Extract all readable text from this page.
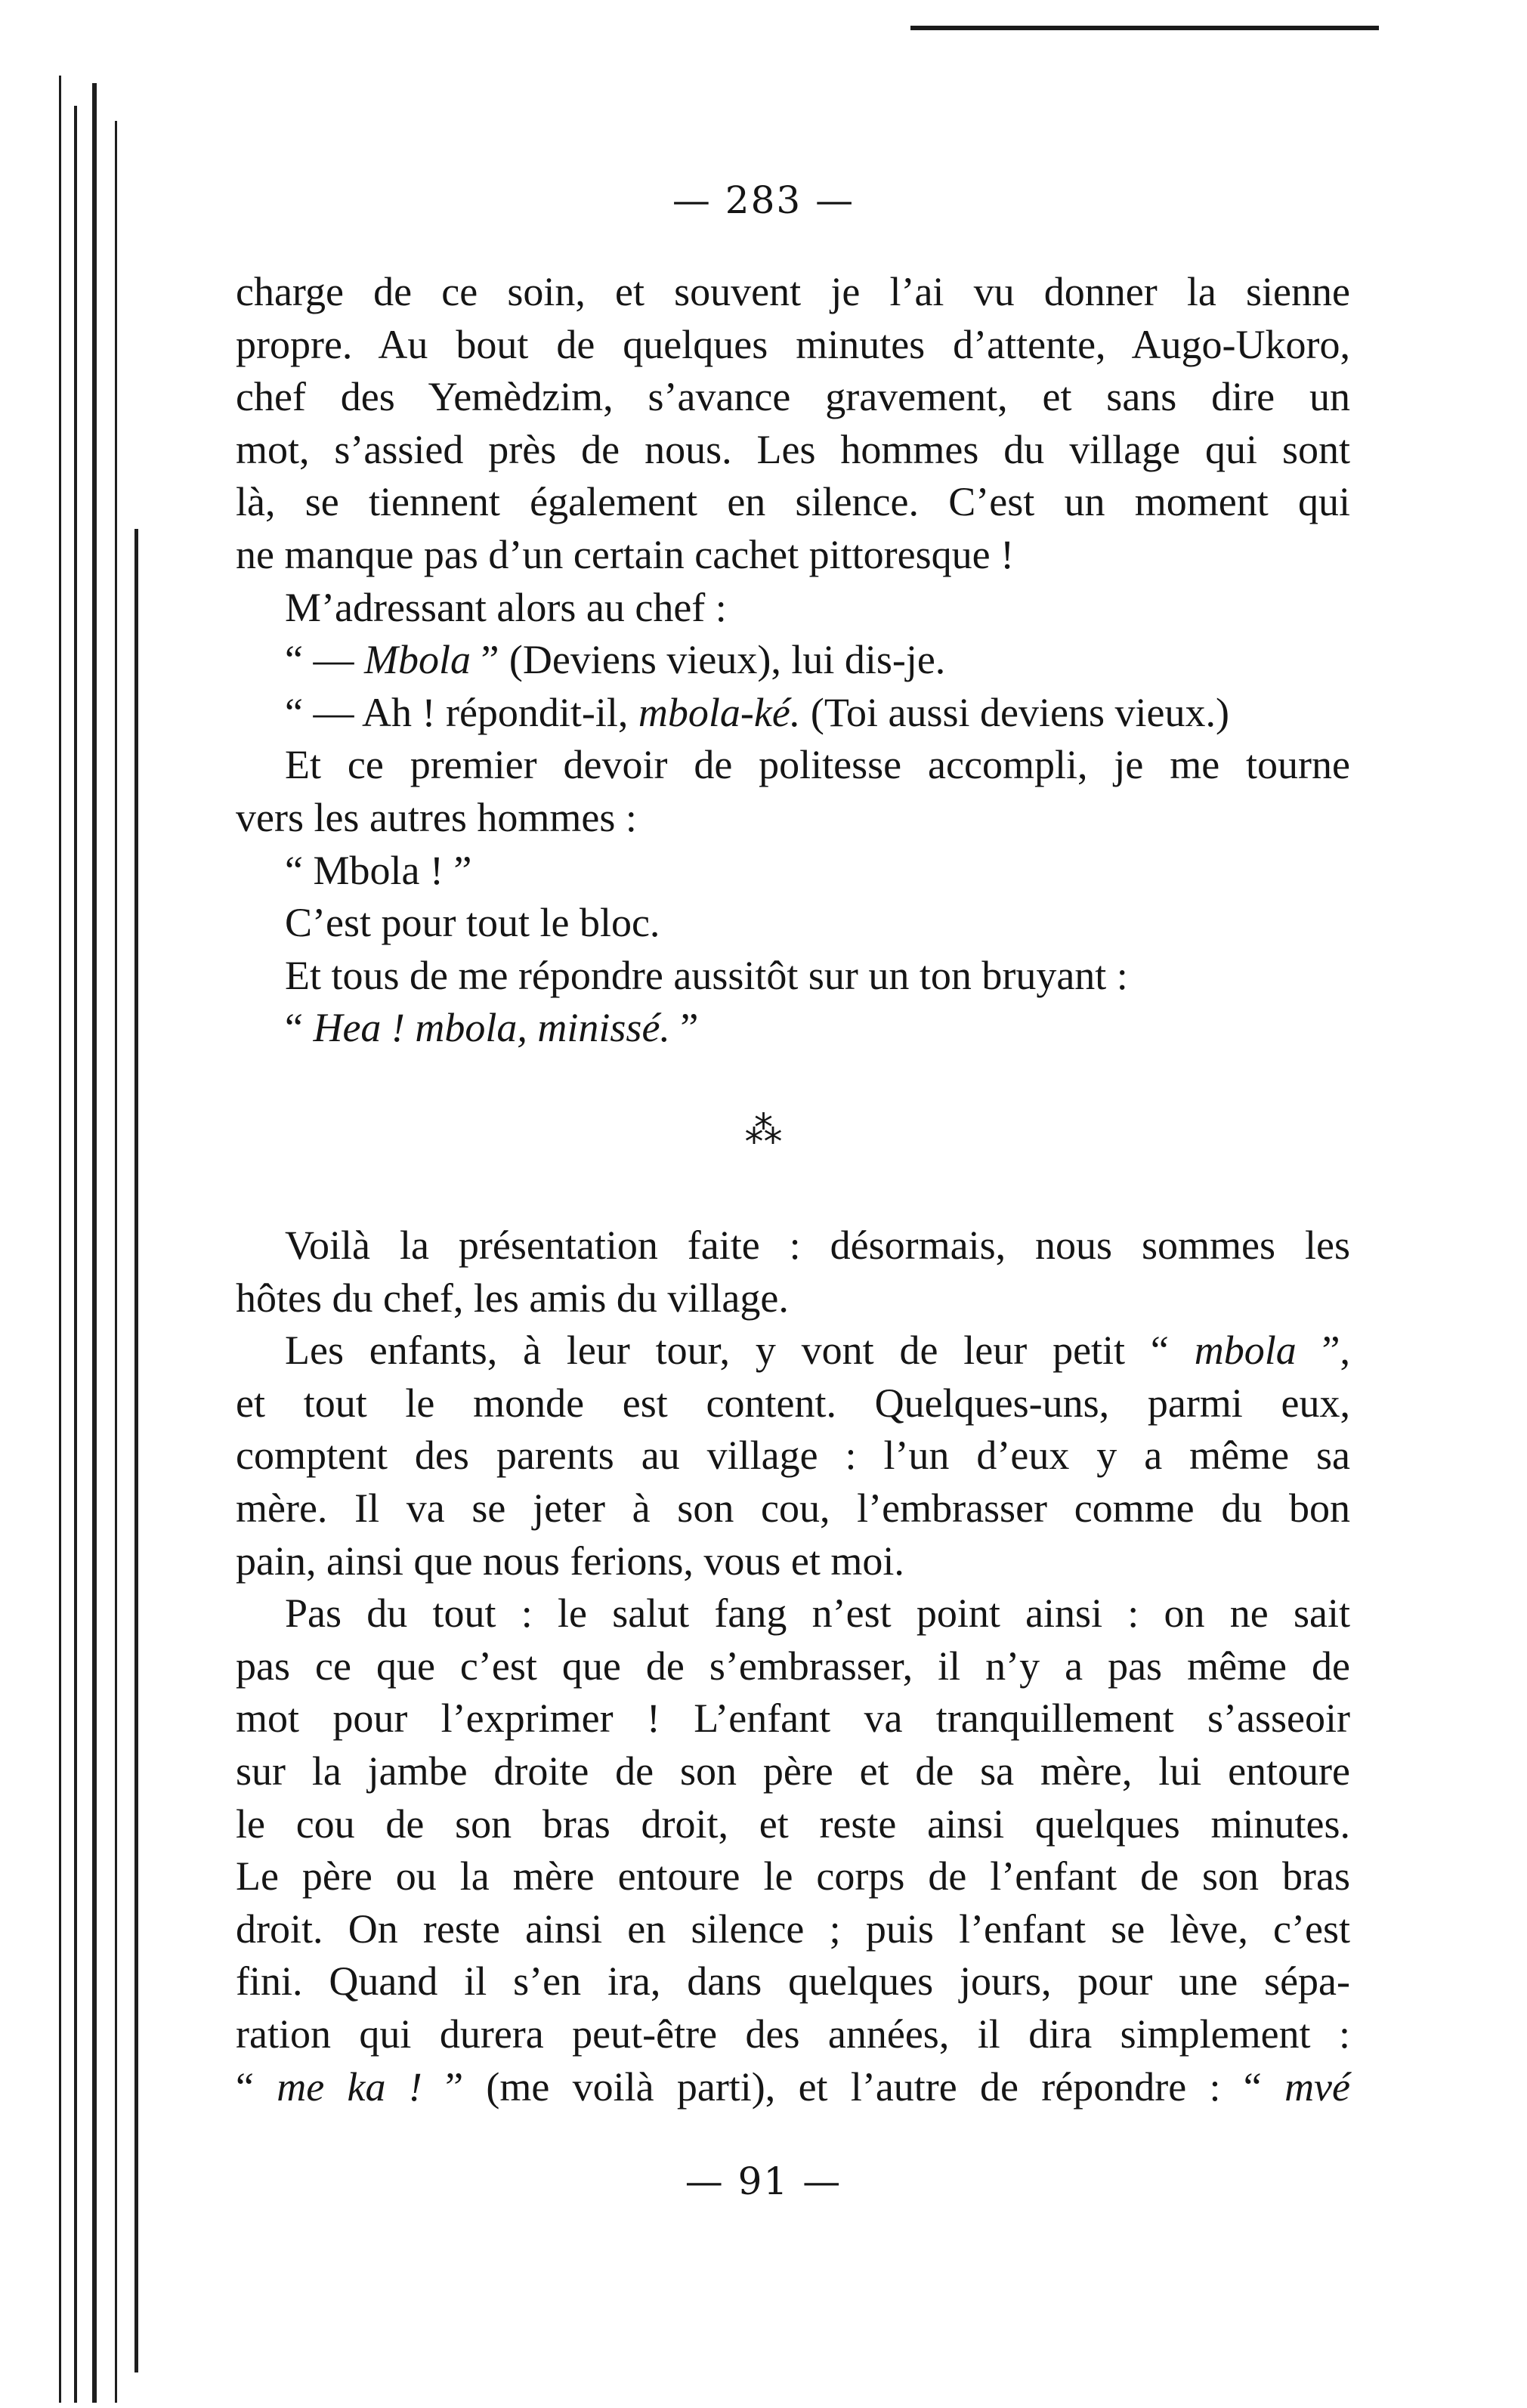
— 283 —
charge de ce soin, et souvent je l’ai vu donner la sienne
propre. Au bout de quelques minutes d’attente, Augo-Ukoro,
chef des Yemèdzim, s’avance gravement, et sans dire un
mot, s’assied près de nous. Les hommes du village qui sont
là, se tiennent également en silence. C’est un moment qui
ne manque pas d’un certain cachet pittoresque !
M’adressant alors au chef :
“ — Mbola ” (Deviens vieux), lui dis-je.
“ — Ah ! répondit-il, mbola-ké. (Toi aussi deviens vieux.)
Et ce premier devoir de politesse accompli, je me tourne
vers les autres hommes :
“ Mbola ! ”
C’est pour tout le bloc.
Et tous de me répondre aussitôt sur un ton bruyant :
“ Hea ! mbola, minissé. ”
⁂
Voilà la présentation faite : désormais, nous sommes les
hôtes du chef, les amis du village.
Les enfants, à leur tour, y vont de leur petit “ mbola ”,
et tout le monde est content. Quelques-uns, parmi eux,
comptent des parents au village : l’un d’eux y a même sa
mère. Il va se jeter à son cou, l’embrasser comme du bon
pain, ainsi que nous ferions, vous et moi.
Pas du tout : le salut fang n’est point ainsi : on ne sait
pas ce que c’est que de s’embrasser, il n’y a pas même de
mot pour l’exprimer ! L’enfant va tranquillement s’asseoir
sur la jambe droite de son père et de sa mère, lui entoure
le cou de son bras droit, et reste ainsi quelques minutes.
Le père ou la mère entoure le corps de l’enfant de son bras
droit. On reste ainsi en silence ; puis l’enfant se lève, c’est
fini. Quand il s’en ira, dans quelques jours, pour une sépa-
ration qui durera peut-être des années, il dira simplement :
“ me ka ! ” (me voilà parti), et l’autre de répondre : “ mvé
— 91 —
